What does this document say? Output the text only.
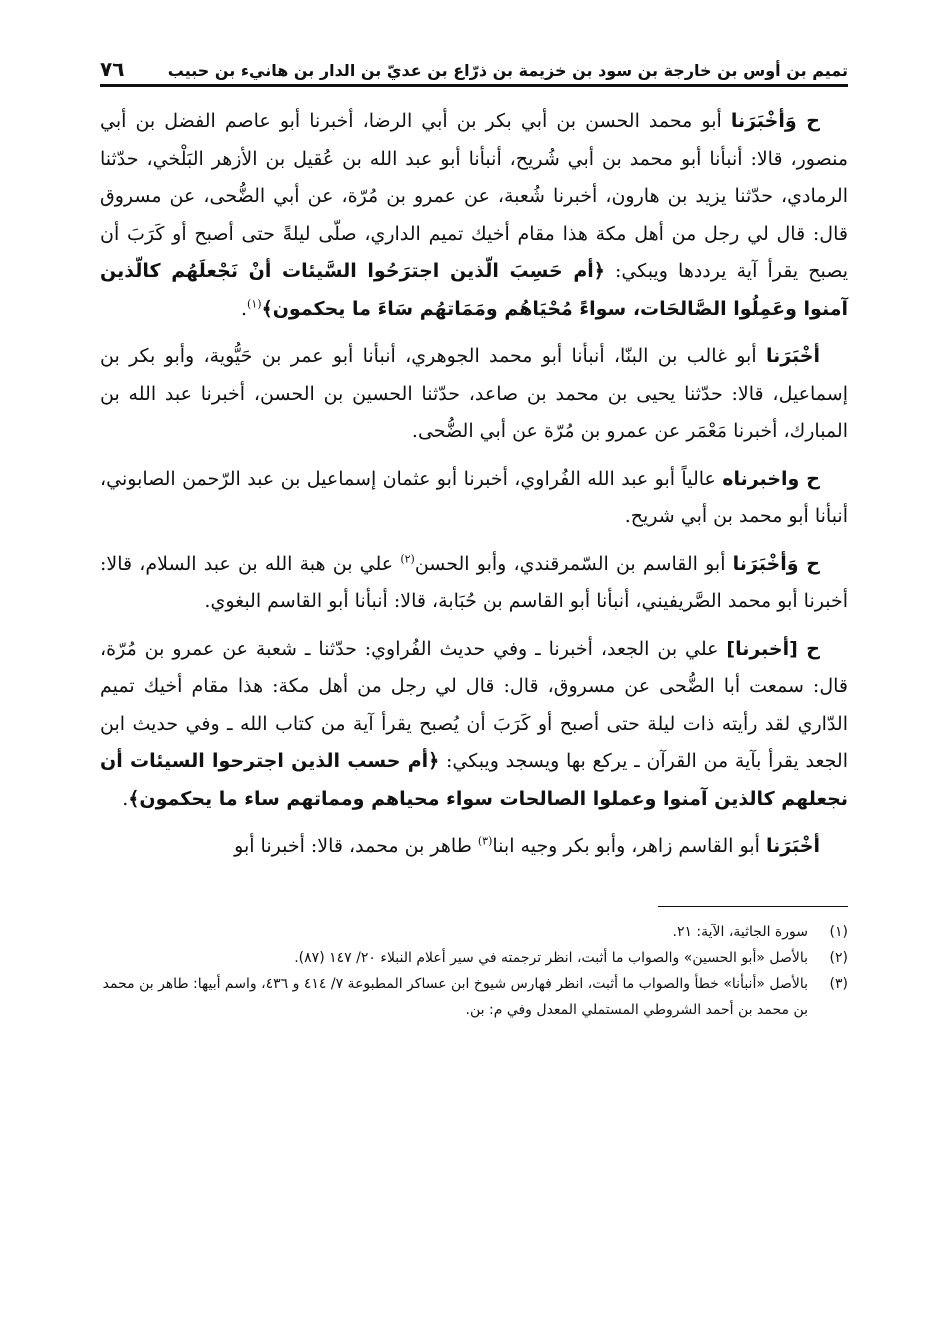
تميم بن أوس بن خارجة بن سود بن خزيمة بن ذرّاع بن عديّ بن الدار بن هانيء بن حبيب
٧٦

ح وَأخْبَرَنا أبو محمد الحسن بن أبي بكر بن أبي الرضا، أخبرنا أبو عاصم الفضل بن أبي منصور، قالا: أنبأنا أبو محمد بن أبي شُريح، أنبأنا أبو عبد الله بن عُقيل بن الأزهر البَلْخي، حدّثنا الرمادي، حدّثنا يزيد بن هارون، أخبرنا شُعبة، عن عمرو بن مُرّة، عن أبي الضُّحى، عن مسروق قال: قال لي رجل من أهل مكة هذا مقام أخيك تميم الداري، صلّى ليلةً حتى أصبح أو كَرَبَ أن يصبح يقرأ آية يرددها ويبكي: ﴿أم حَسِبَ الّذين اجترَحُوا السَّيئات أنْ نَجْعلَهُم كالّذين آمنوا وعَمِلُوا الصَّالحَات، سواءً مُحْيَاهُم ومَمَاتهُم سَاءَ ما يحكمون﴾$^{(١)}$.

أخْبَرَنا أبو غالب بن البنّا، أنبأنا أبو محمد الجوهري، أنبأنا أبو عمر بن حَيُّوية، وأبو بكر بن إسماعيل، قالا: حدّثنا يحيى بن محمد بن صاعد، حدّثنا الحسين بن الحسن، أخبرنا عبد الله بن المبارك، أخبرنا مَعْمَر عن عمرو بن مُرّة عن أبي الضُّحى.

ح واخبرناه عالياً أبو عبد الله الفُراوي، أخبرنا أبو عثمان إسماعيل بن عبد الرّحمن الصابوني، أنبأنا أبو محمد بن أبي شريح.

ح وَأخْبَرَنا أبو القاسم بن السّمرقندي، وأبو الحسن$^{(٢)}$ علي بن هبة الله بن عبد السلام، قالا: أخبرنا أبو محمد الصَّريفيني، أنبأنا أبو القاسم بن حُبَابة، قالا: أنبأنا أبو القاسم البغوي.

ح [أخبرنا] علي بن الجعد، أخبرنا ـ وفي حديث الفُراوي: حدّثنا ـ شعبة عن عمرو بن مُرّة، قال: سمعت أبا الضُّحى عن مسروق، قال: قال لي رجل من أهل مكة: هذا مقام أخيك تميم الدّاري لقد رأيته ذات ليلة حتى أصبح أو كَرَبَ أن يُصبح يقرأ آية من كتاب الله ـ وفي حديث ابن الجعد يقرأ بآية من القرآن ـ يركع بها ويسجد ويبكي: ﴿أم حسب الذين اجترحوا السيئات أن نجعلهم كالذين آمنوا وعملوا الصالحات سواء محياهم ومماتهم ساء ما يحكمون﴾.

أخْبَرَنا أبو القاسم زاهر، وأبو بكر وجيه ابنا$^{(٣)}$ طاهر بن محمد، قالا: أخبرنا أبو

(١)
سورة الجاثية، الآية: ٢١.
(٢)
بالأصل «أبو الحسين» والصواب ما أثبت، انظر ترجمته في سير أعلام النبلاء ٢٠/ ١٤٧ (٨٧).
(٣)
بالأصل «أنبأنا» خطأ والصواب ما أثبت، انظر فهارس شيوخ ابن عساكر المطبوعة ٧/ ٤١٤ و ٤٣٦، واسم أبيها: طاهر بن محمد بن محمد بن أحمد الشروطي المستملي المعدل وفي م: بن.
